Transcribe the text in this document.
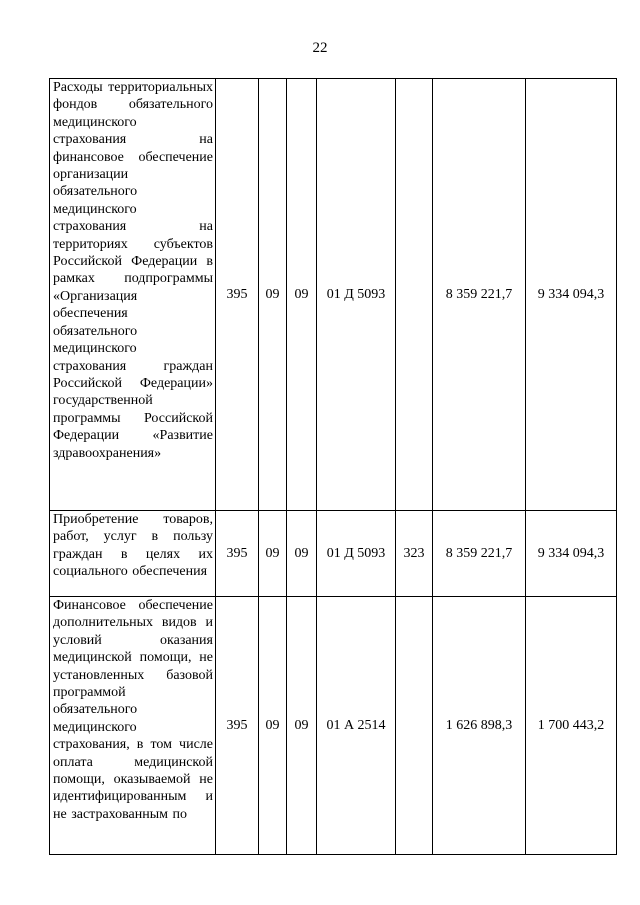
22
Расходы территориальных фондов обязательного медицинского страхования на финансовое обеспечение организации обязательного медицинского страхования на территориях субъектов Российской Федерации в рамках подпрограммы «Организация обеспечения обязательного медицинского страхования граждан Российской Федерации» государственной программы Российской Федерации «Развитие здравоохранения»	395	09	09	01 Д 5093		8 359 221,7	9 334 094,3
Приобретение товаров, работ, услуг в пользу граждан в целях их социального обеспечения	395	09	09	01 Д 5093	323	8 359 221,7	9 334 094,3
Финансовое обеспечение дополнительных видов и условий оказания медицинской помощи, не установленных базовой программой обязательного медицинского страхования, в том числе оплата медицинской помощи, оказываемой не идентифицированным и не застрахованным по	395	09	09	01 А 2514		1 626 898,3	1 700 443,2
